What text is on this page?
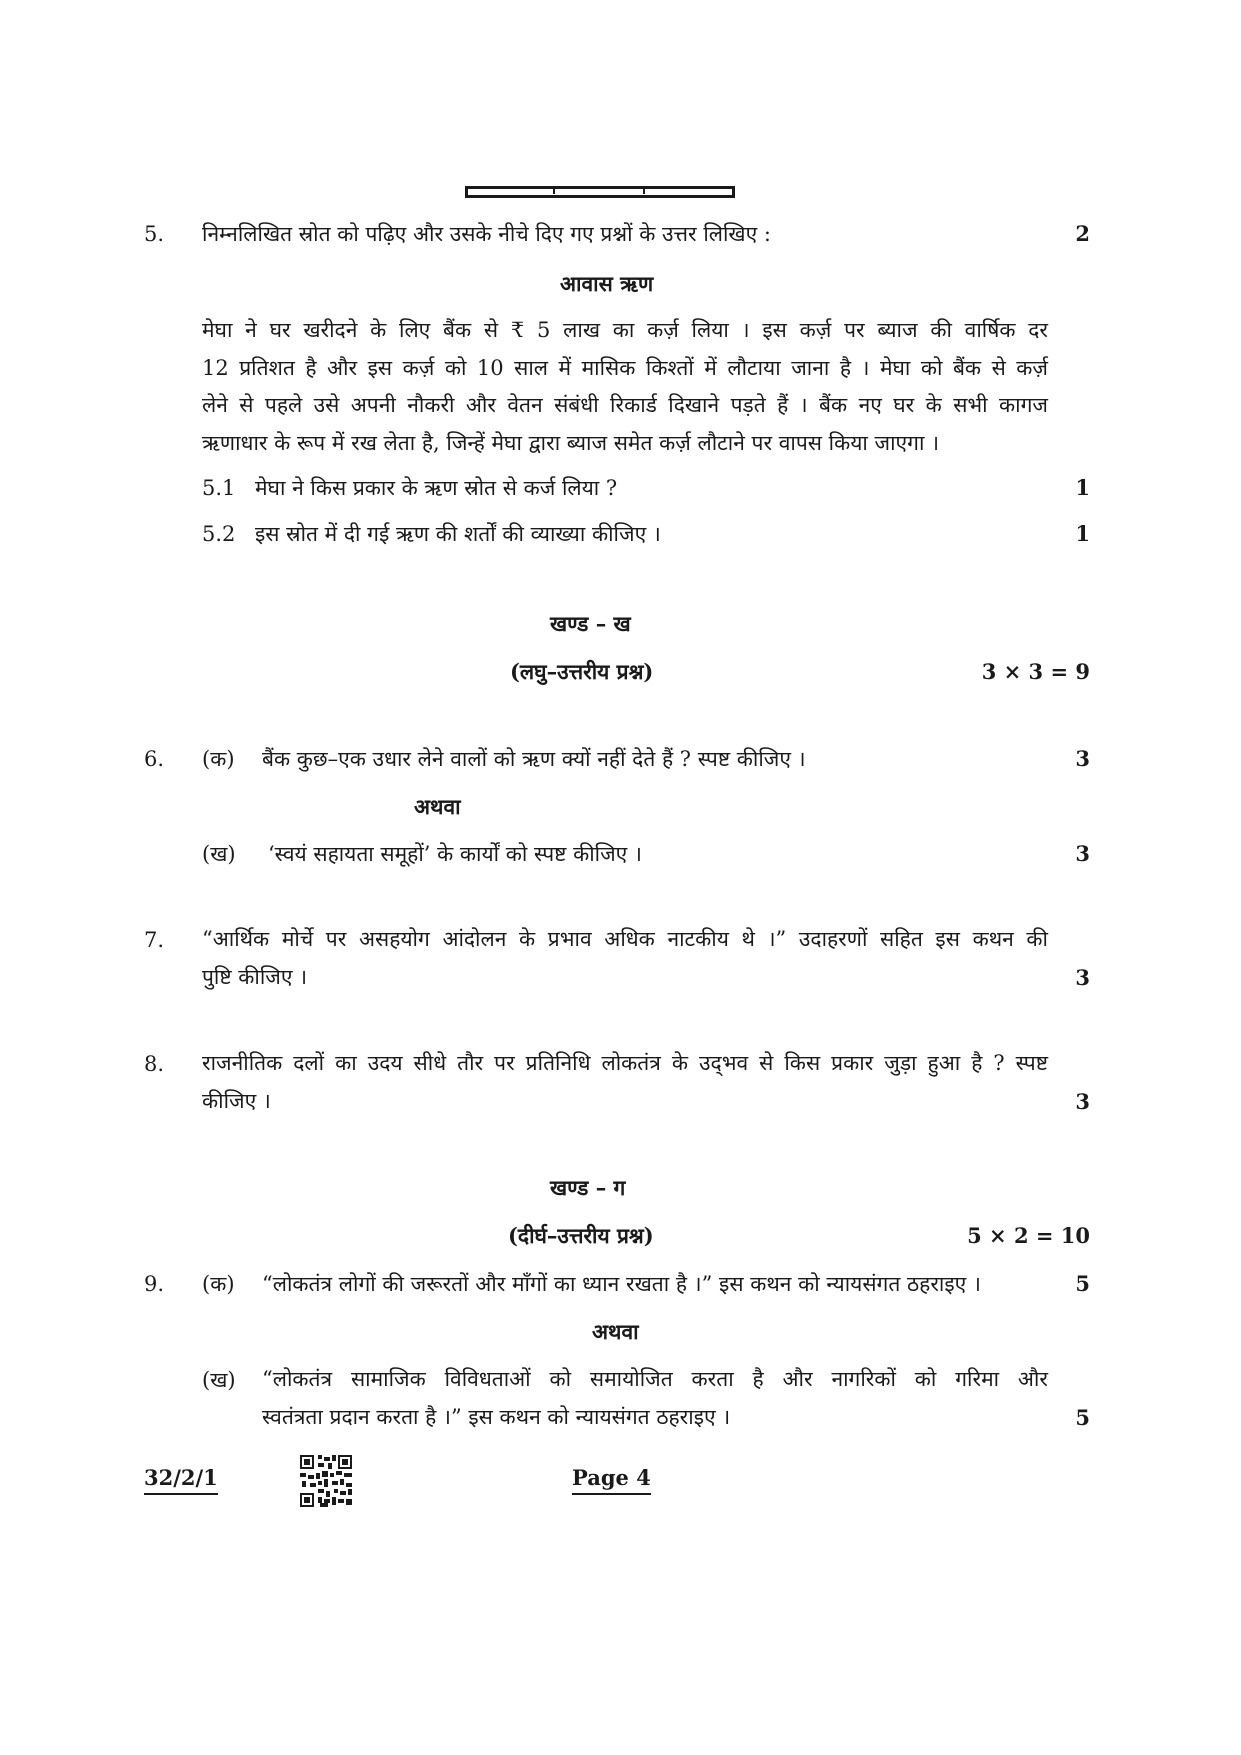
5. निम्नलिखित स्रोत को पढ़िए और उसके नीचे दिए गए प्रश्नों के उत्तर लिखिए :	2
आवास ऋण
मेघा ने घर खरीदने के लिए बैंक से ₹ 5 लाख का कर्ज़ लिया । इस कर्ज़ पर ब्याज की वार्षिक दर
12 प्रतिशत है और इस कर्ज़ को 10 साल में मासिक किश्तों में लौटाया जाना है । मेघा को बैंक से कर्ज़
लेने से पहले उसे अपनी नौकरी और वेतन संबंधी रिकार्ड दिखाने पड़ते हैं । बैंक नए घर के सभी कागज
ऋणाधार के रूप में रख लेता है, जिन्हें मेघा द्वारा ब्याज समेत कर्ज़ लौटाने पर वापस किया जाएगा ।
5.1 मेघा ने किस प्रकार के ऋण स्रोत से कर्ज लिया ?	1
5.2 इस स्रोत में दी गई ऋण की शर्तों की व्याख्या कीजिए ।	1
खण्ड – ख
(लघु–उत्तरीय प्रश्न)	3 × 3 = 9
6. (क) बैंक कुछ–एक उधार लेने वालों को ऋण क्यों नहीं देते हैं ? स्पष्ट कीजिए ।	3
अथवा
(ख) ‘स्वयं सहायता समूहों’ के कार्यों को स्पष्ट कीजिए ।	3
7. “आर्थिक मोर्चे पर असहयोग आंदोलन के प्रभाव अधिक नाटकीय थे ।” उदाहरणों सहित इस कथन की
पुष्टि कीजिए ।	3
8. राजनीतिक दलों का उदय सीधे तौर पर प्रतिनिधि लोकतंत्र के उद्‌भव से किस प्रकार जुड़ा हुआ है ? स्पष्ट
कीजिए ।	3
खण्ड – ग
(दीर्घ–उत्तरीय प्रश्न)	5 × 2 = 10
9. (क) “लोकतंत्र लोगों की जरूरतों और माँगों का ध्यान रखता है ।” इस कथन को न्यायसंगत ठहराइए ।	5
अथवा
(ख) “लोकतंत्र सामाजिक विविधताओं को समायोजित करता है और नागरिकों को गरिमा और
स्वतंत्रता प्रदान करता है ।” इस कथन को न्यायसंगत ठहराइए ।	5
32/2/1	Page 4
